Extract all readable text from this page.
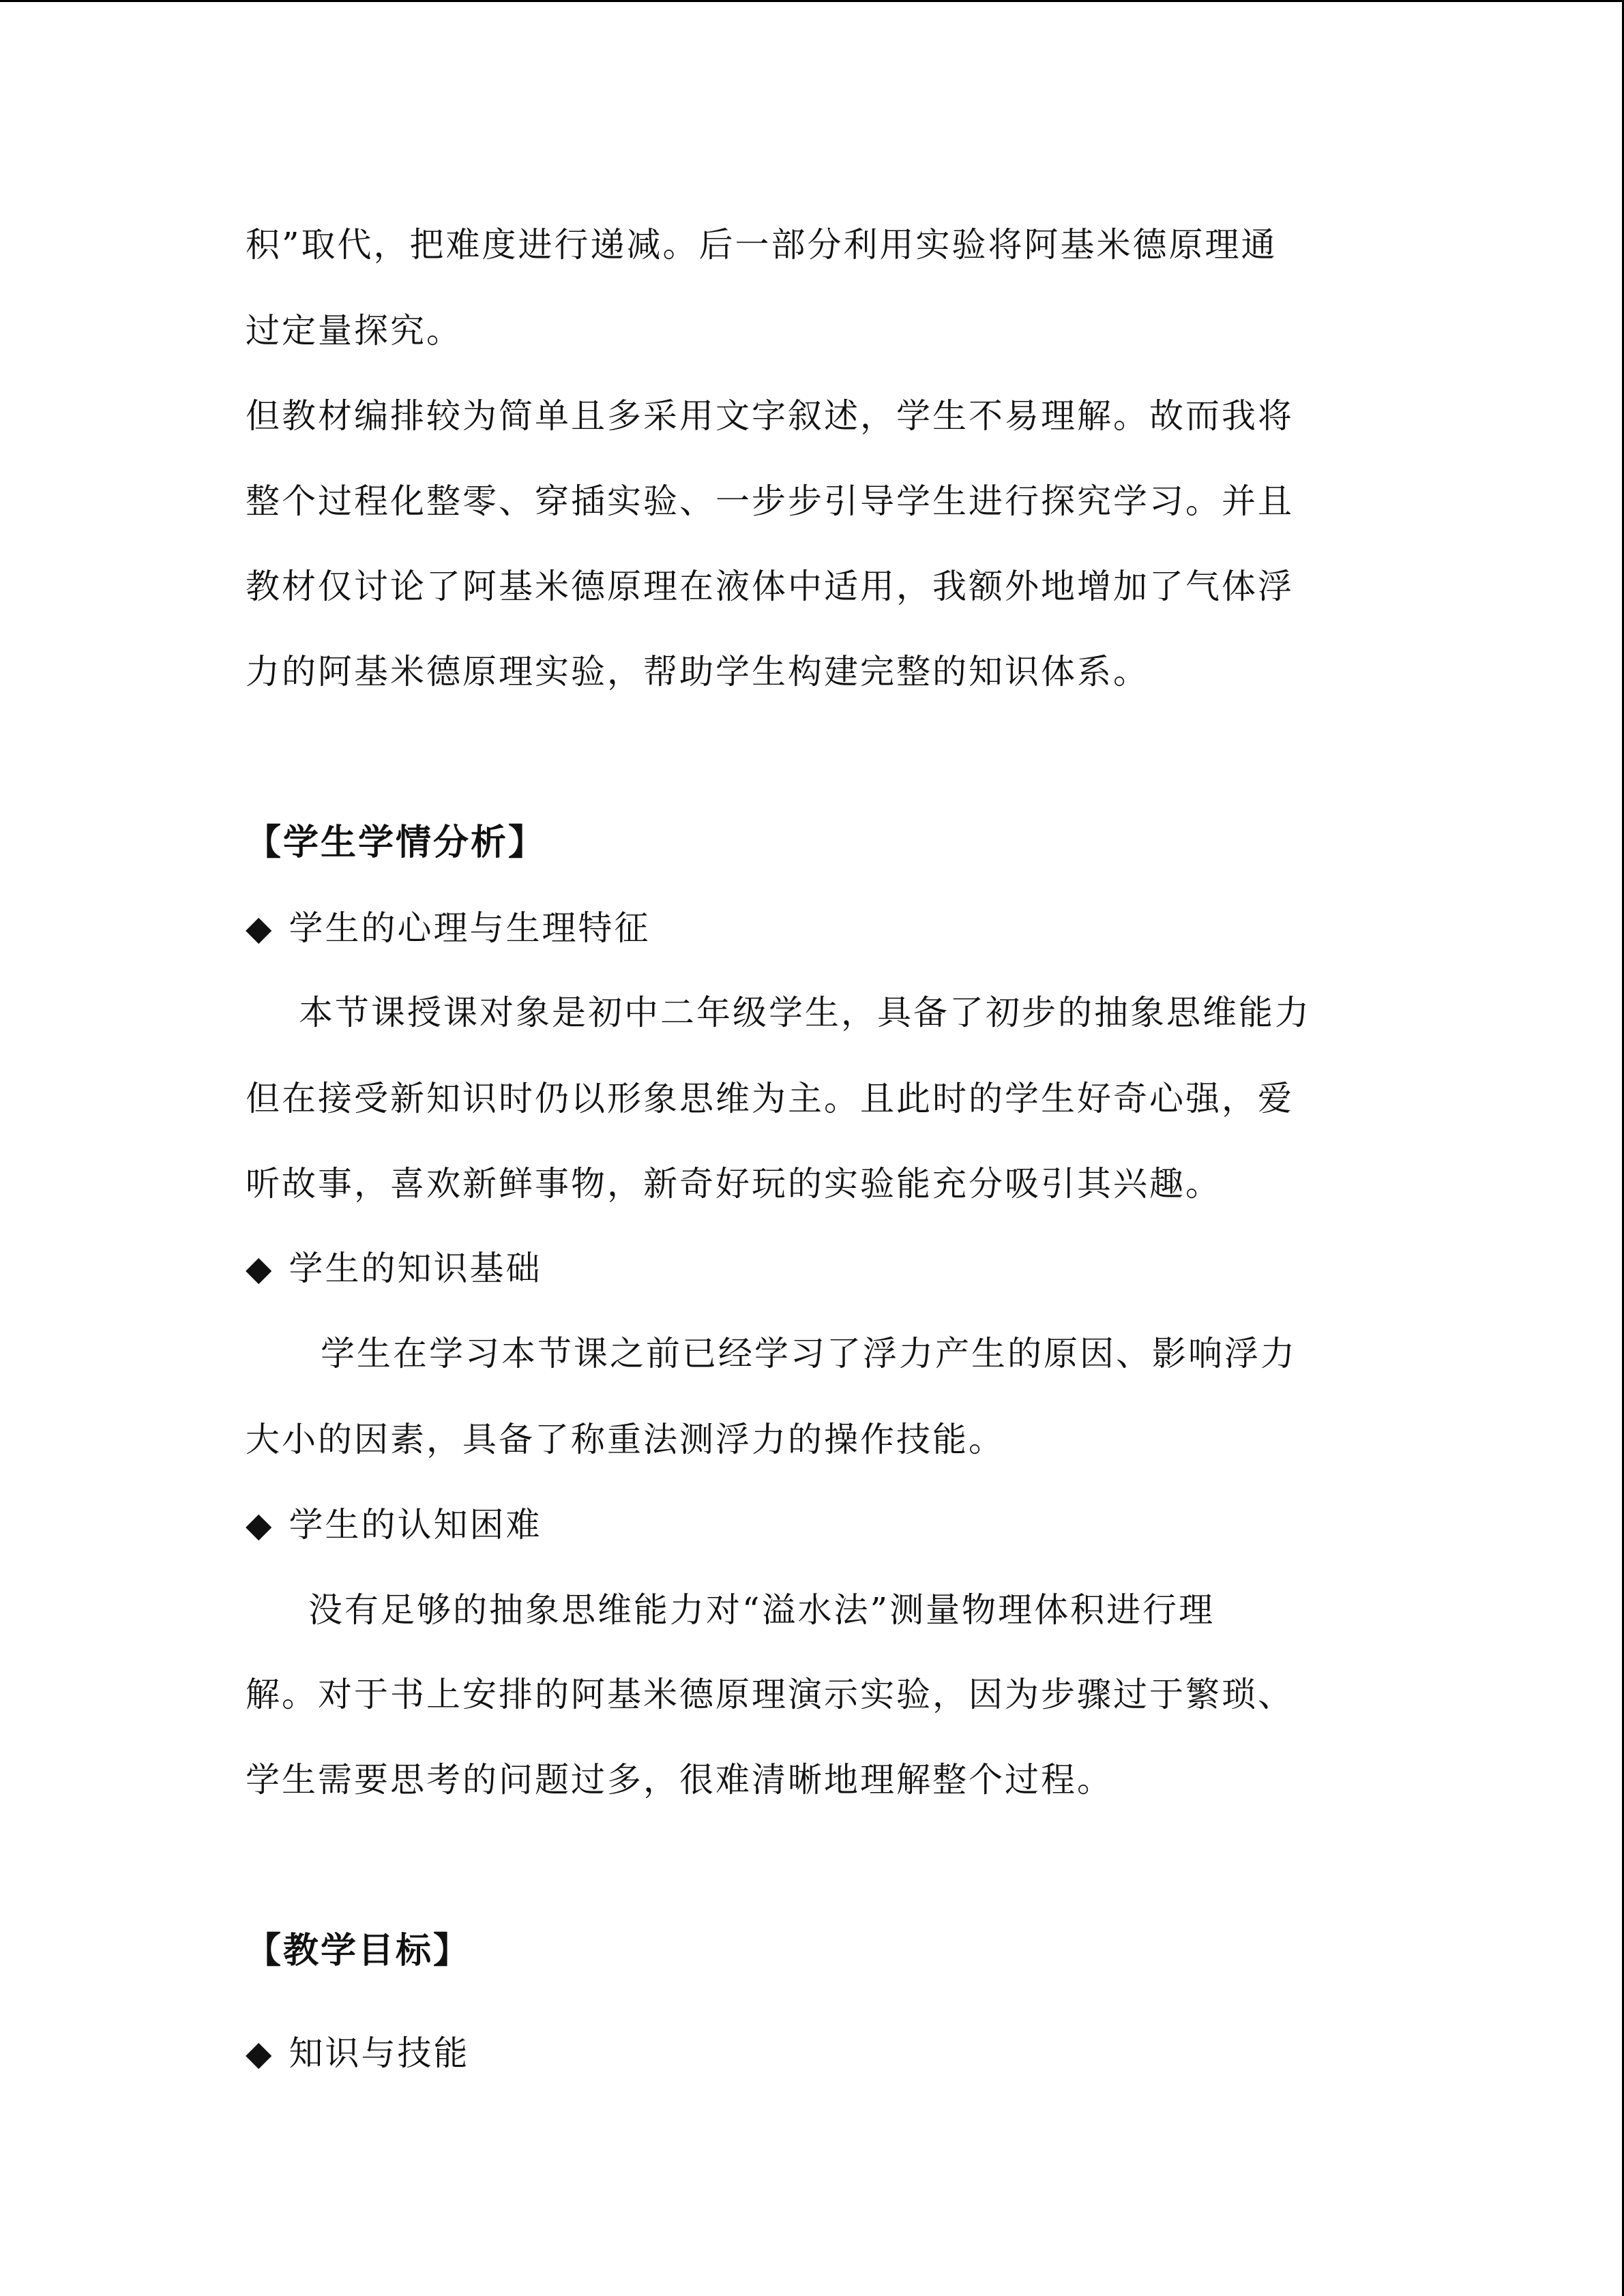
积”取代，把难度进行递减。后一部分利用实验将阿基米德原理通
过定量探究。
但教材编排较为简单且多采用文字叙述，学生不易理解。故而我将
整个过程化整零、穿插实验、一步步引导学生进行探究学习。并且
教材仅讨论了阿基米德原理在液体中适用，我额外地增加了气体浮
力的阿基米德原理实验，帮助学生构建完整的知识体系。
【学生学情分析】
◆ 学生的心理与生理特征
本节课授课对象是初中二年级学生，具备了初步的抽象思维能力
但在接受新知识时仍以形象思维为主。且此时的学生好奇心强，爱
听故事，喜欢新鲜事物，新奇好玩的实验能充分吸引其兴趣。
◆ 学生的知识基础
学生在学习本节课之前已经学习了浮力产生的原因、影响浮力
大小的因素，具备了称重法测浮力的操作技能。
◆ 学生的认知困难
没有足够的抽象思维能力对“溢水法”测量物理体积进行理
解。对于书上安排的阿基米德原理演示实验，因为步骤过于繁琐、
学生需要思考的问题过多，很难清晰地理解整个过程。
【教学目标】
◆ 知识与技能
